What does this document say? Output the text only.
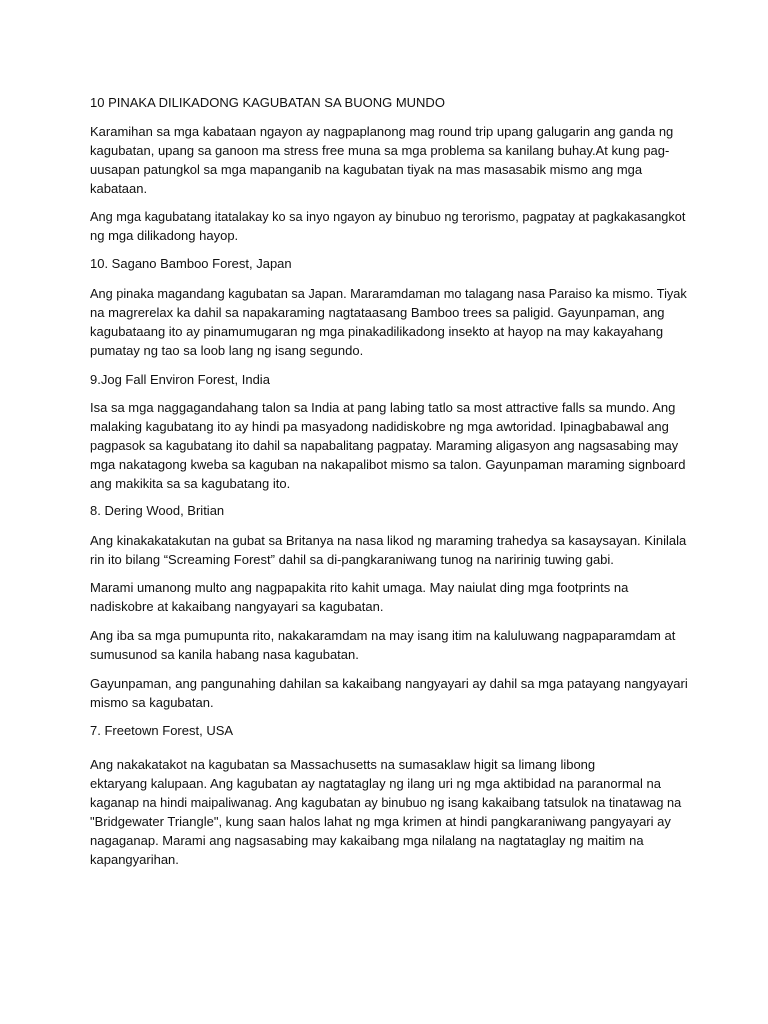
10 PINAKA DILIKADONG KAGUBATAN SA BUONG MUNDO

Karamihan sa mga kabataan ngayon ay nagpaplanong mag round trip upang galugarin ang ganda ng
kagubatan, upang sa ganoon ma stress free muna sa mga problema sa kanilang buhay.At kung pag-
uusapan patungkol sa mga mapanganib na kagubatan tiyak na mas masasabik mismo ang mga
kabataan.

Ang mga kagubatang itatalakay ko sa inyo ngayon ay binubuo ng terorismo, pagpatay at pagkakasangkot
ng mga dilikadong hayop.

10. Sagano Bamboo Forest, Japan

Ang pinaka magandang kagubatan sa Japan. Mararamdaman mo talagang nasa Paraiso ka mismo. Tiyak
na magrerelax ka dahil sa napakaraming nagtataasang Bamboo trees sa paligid. Gayunpaman, ang
kagubataang ito ay pinamumugaran ng mga pinakadilikadong insekto at hayop na may kakayahang
pumatay ng tao sa loob lang ng isang segundo.

9.Jog Fall Environ Forest, India

Isa sa mga naggagandahang talon sa India at pang labing tatlo sa most attractive falls sa mundo. Ang
malaking kagubatang ito ay hindi pa masyadong nadidiskobre ng mga awtoridad. Ipinagbabawal ang
pagpasok sa kagubatang ito dahil sa napabalitang pagpatay. Maraming aligasyon ang nagsasabing may
mga nakatagong kweba sa kaguban na nakapalibot mismo sa talon. Gayunpaman maraming signboard
ang makikita sa sa kagubatang ito.

8. Dering Wood, Britian

Ang kinakakatakutan na gubat sa Britanya na nasa likod ng maraming trahedya sa kasaysayan. Kinilala
rin ito bilang “Screaming Forest” dahil sa di-pangkaraniwang tunog na naririnig tuwing gabi.

Marami umanong multo ang nagpapakita rito kahit umaga. May naiulat ding mga footprints na
nadiskobre at kakaibang nangyayari sa kagubatan.

Ang iba sa mga pumupunta rito, nakakaramdam na may isang itim na kaluluwang nagpaparamdam at
sumusunod sa kanila habang nasa kagubatan.

Gayunpaman, ang pangunahing dahilan sa kakaibang nangyayari ay dahil sa mga patayang nangyayari
mismo sa kagubatan.

7. Freetown Forest, USA

Ang nakakatakot na kagubatan sa Massachusetts na sumasaklaw higit sa limang libong
ektaryang kalupaan. Ang kagubatan ay nagtataglay ng ilang uri ng mga aktibidad na paranormal na
kaganap na hindi maipaliwanag. Ang kagubatan ay binubuo ng isang kakaibang tatsulok na tinatawag na
"Bridgewater Triangle", kung saan halos lahat ng mga krimen at hindi pangkaraniwang pangyayari ay
nagaganap. Marami ang nagsasabing may kakaibang mga nilalang na nagtataglay ng maitim na
kapangyarihan.
